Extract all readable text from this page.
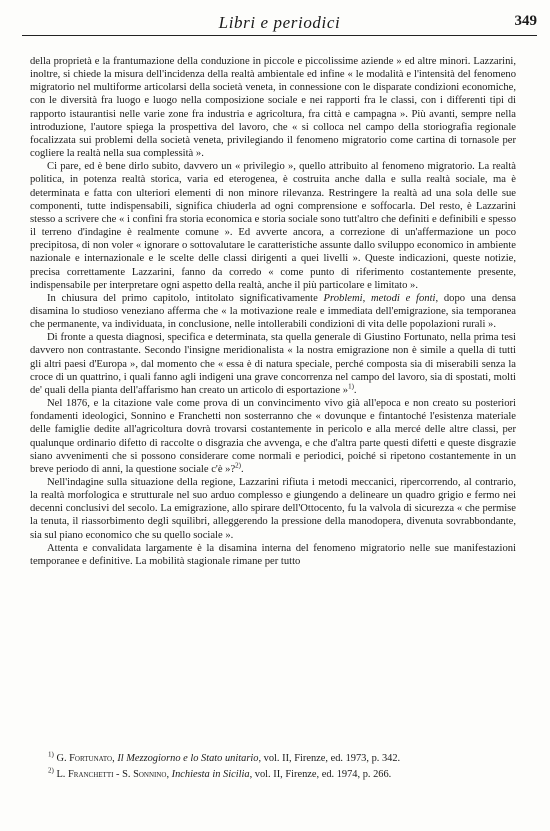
Libri e periodici	349

della proprietà e la frantumazione della conduzione in piccole e piccolissime aziende » ed altre minori. Lazzarini, inoltre, si chiede la misura dell'incidenza della realtà ambientale ed infine « le modalità e l'intensità del fenomeno migratorio nel multiforme articolarsi della società veneta, in connessione con le disparate condizioni economiche, con le diversità fra luogo e luogo nella composizione sociale e nei rapporti fra le classi, con i differenti tipi di rapporto istaurantisi nelle varie zone fra industria e agricoltura, fra città e campagna ». Più avanti, sempre nella introduzione, l'autore spiega la prospettiva del lavoro, che « si colloca nel campo della storiografia regionale focalizzata sui problemi della società veneta, privilegiando il fenomeno migratorio come cartina di tornasole per cogliere la realtà nella sua complessità ».

Ci pare, ed è bene dirlo subito, davvero un « privilegio », quello attribuito al fenomeno migratorio. La realtà politica, in potenza realtà storica, varia ed eterogenea, è costruita anche dalla e sulla realtà sociale, ma è determinata e fatta con ulteriori elementi di non minore rilevanza. Restringere la realtà ad una sola delle sue componenti, tutte indispensabili, significa chiuderla ad ogni comprensione e soffocarla. Del resto, è Lazzarini stesso a scrivere che « i confini fra storia economica e storia sociale sono tutt'altro che definiti e definibili e spesso il terreno d'indagine è realmente comune ». Ed avverte ancora, a correzione di un'affermazione un poco precipitosa, di non voler « ignorare o sottovalutare le caratteristiche assunte dallo sviluppo economico in ambiente nazionale e internazionale e le scelte delle classi dirigenti a quei livelli ». Queste indicazioni, queste notizie, precisa correttamente Lazzarini, fanno da corredo « come punto di riferimento costantemente presente, indispensabile per interpretare ogni aspetto della realtà, anche il più particolare e limitato ».

In chiusura del primo capitolo, intitolato significativamente Problemi, metodi e fonti, dopo una densa disamina lo studioso veneziano afferma che « la motivazione reale e immediata dell'emigrazione, sia temporanea che permanente, va individuata, in conclusione, nelle intollerabili condizioni di vita delle popolazioni rurali ».

Di fronte a questa diagnosi, specifica e determinata, sta quella generale di Giustino Fortunato, nella prima tesi davvero non contrastante. Secondo l'insigne meridionalista « la nostra emigrazione non è simile a quella di tutti gli altri paesi d'Europa », dal momento che « essa è di natura speciale, perché composta sia di miserabili senza la croce di un quattrino, i quali fanno agli indigeni una grave concorrenza nel campo del lavoro, sia di spostati, molti de' quali della pianta dell'affarismo han creato un articolo di esportazione »$^{1)}$.

Nel 1876, e la citazione vale come prova di un convincimento vivo già all'epoca e non creato su posteriori fondamenti ideologici, Sonnino e Franchetti non sosterranno che « dovunque e fintantoché l'esistenza materiale delle famiglie dedite all'agricoltura dovrà trovarsi costantemente in pericolo e alla mercé delle altre classi, per qualunque ordinario difetto di raccolte o disgrazia che avvenga, e che d'altra parte questi difetti e queste disgrazie siano avvenimenti che si possono considerare come normali e periodici, poiché si ripetono costantemente in un breve periodo di anni, la questione sociale c'è »?$^{2)}$.

Nell'indagine sulla situazione della regione, Lazzarini rifiuta i metodi meccanici, ripercorrendo, al contrario, la realtà morfologica e strutturale nel suo arduo complesso e giungendo a delineare un quadro grigio e fermo nei decenni conclusivi del secolo. La emigrazione, allo spirare dell'Ottocento, fu la valvola di sicurezza « che permise la tenuta, il riassorbimento degli squilibri, alleggerendo la pressione della manodopera, divenuta sovrabbondante, sia sul piano economico che su quello sociale ».

Attenta e convalidata largamente è la disamina interna del fenomeno migratorio nelle sue manifestazioni temporanee e definitive. La mobilità stagionale rimane per tutto

$^{1)}$ G. Fortunato, Il Mezzogiorno e lo Stato unitario, vol. II, Firenze, ed. 1973, p. 342.

$^{2)}$ L. Franchetti - S. Sonnino, Inchiesta in Sicilia, vol. II, Firenze, ed. 1974, p. 266.
